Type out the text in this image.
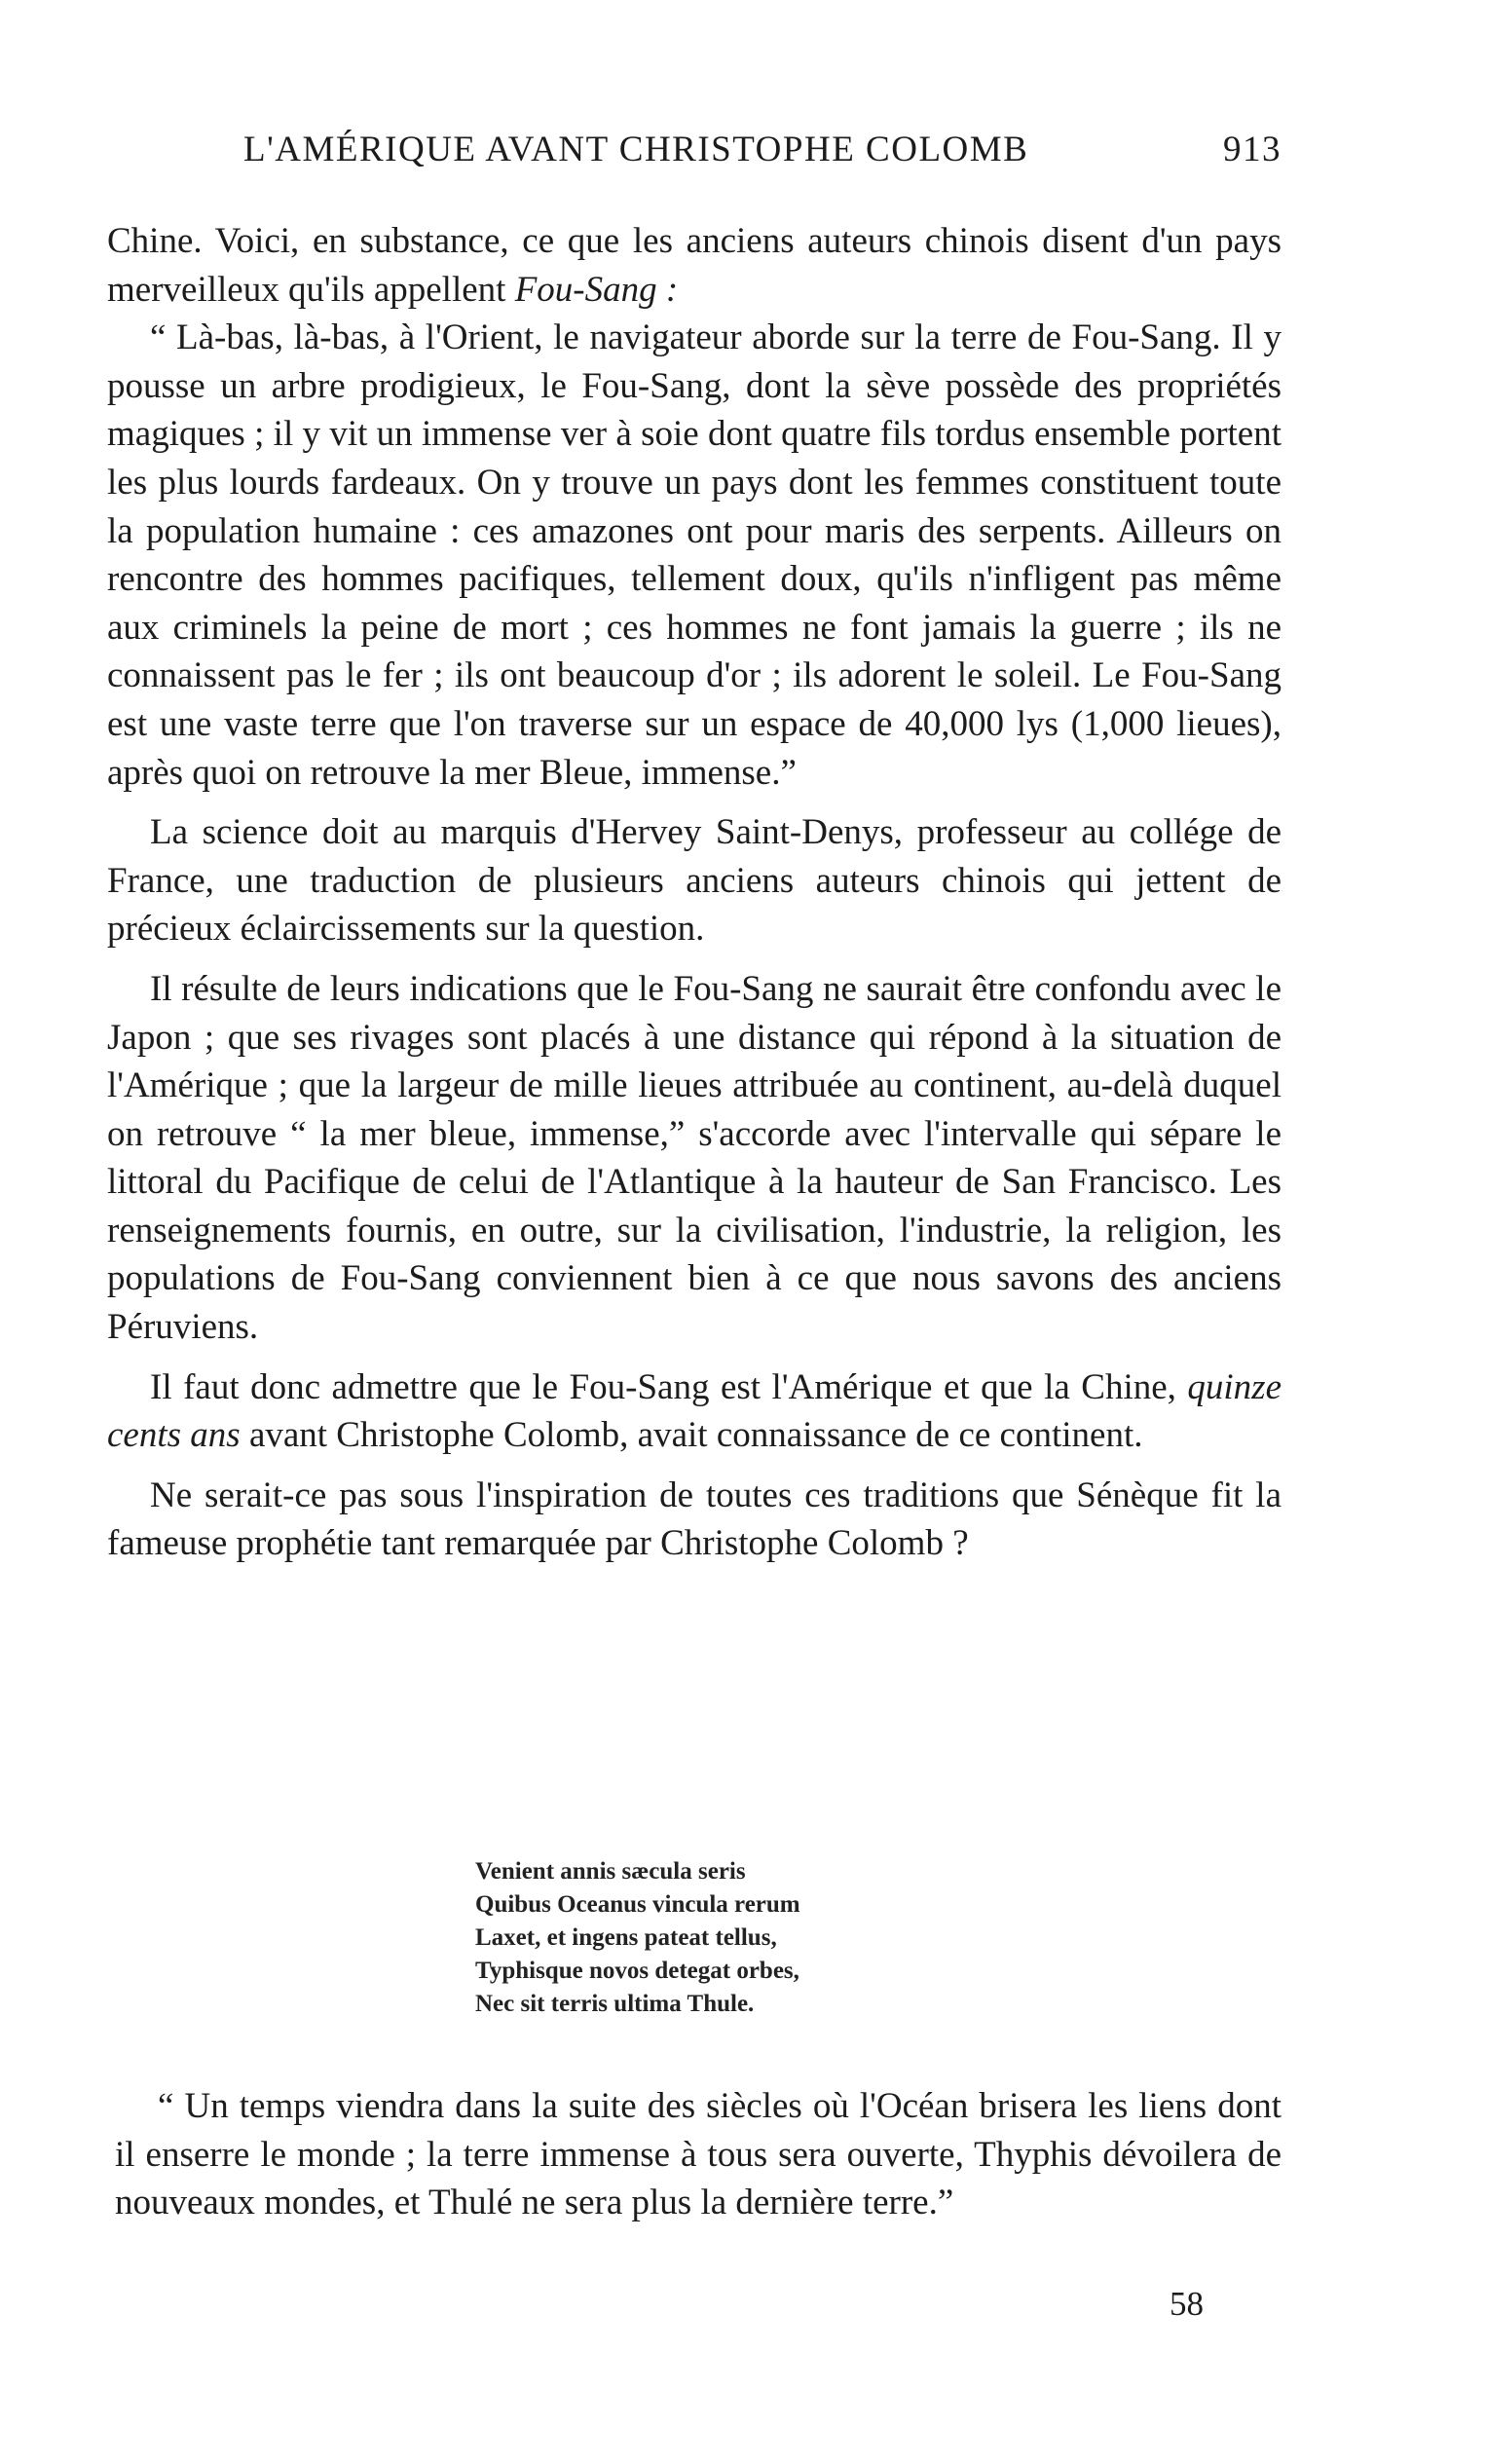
L'AMÉRIQUE AVANT CHRISTOPHE COLOMB	913

Chine. Voici, en substance, ce que les anciens auteurs chinois disent d'un pays merveilleux qu'ils appellent Fou-Sang :

“ Là-bas, là-bas, à l'Orient, le navigateur aborde sur la terre de Fou-Sang. Il y pousse un arbre prodigieux, le Fou-Sang, dont la sève possède des propriétés magiques ; il y vit un immense ver à soie dont quatre fils tordus ensemble portent les plus lourds fardeaux. On y trouve un pays dont les femmes constituent toute la population humaine : ces amazones ont pour maris des serpents. Ailleurs on rencontre des hommes pacifiques, tellement doux, qu'ils n'infligent pas même aux criminels la peine de mort ; ces hommes ne font jamais la guerre ; ils ne connaissent pas le fer ; ils ont beaucoup d'or ; ils adorent le soleil. Le Fou-Sang est une vaste terre que l'on traverse sur un espace de 40,000 lys (1,000 lieues), après quoi on retrouve la mer Bleue, immense.”

La science doit au marquis d'Hervey Saint-Denys, professeur au collége de France, une traduction de plusieurs anciens auteurs chinois qui jettent de précieux éclaircissements sur la question.

Il résulte de leurs indications que le Fou-Sang ne saurait être confondu avec le Japon ; que ses rivages sont placés à une distance qui répond à la situation de l'Amérique ; que la largeur de mille lieues attribuée au continent, au-delà duquel on retrouve “ la mer bleue, immense,” s'accorde avec l'intervalle qui sépare le littoral du Pacifique de celui de l'Atlantique à la hauteur de San Francisco. Les renseignements fournis, en outre, sur la civilisation, l'industrie, la religion, les populations de Fou-Sang conviennent bien à ce que nous savons des anciens Péruviens.

Il faut donc admettre que le Fou-Sang est l'Amérique et que la Chine, quinze cents ans avant Christophe Colomb, avait connaissance de ce continent.

Ne serait-ce pas sous l'inspiration de toutes ces traditions que Sénèque fit la fameuse prophétie tant remarquée par Christophe Colomb ?

Venient annis sæcula seris
Quibus Oceanus vincula rerum
Laxet, et ingens pateat tellus,
Typhisque novos detegat orbes,
Nec sit terris ultima Thule.

“ Un temps viendra dans la suite des siècles où l'Océan brisera les liens dont il enserre le monde ; la terre immense à tous sera ouverte, Thyphis dévoilera de nouveaux mondes, et Thulé ne sera plus la dernière terre.”

58
